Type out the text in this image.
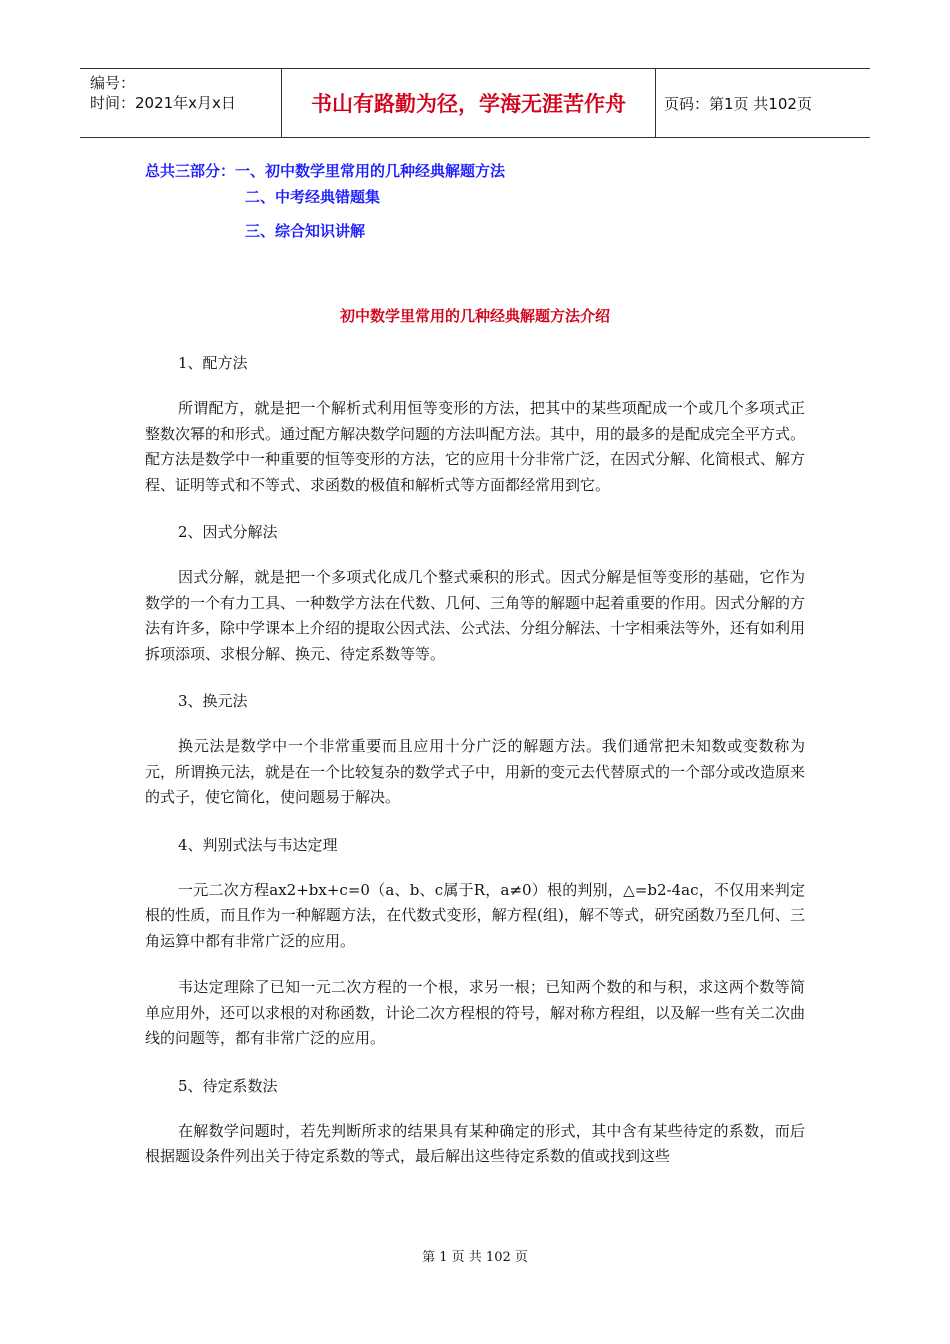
编号：
时间：2021年x月x日	书山有路勤为径，学海无涯苦作舟	页码：第1页 共102页
总共三部分：一、初中数学里常用的几种经典解题方法
二、中考经典错题集
三、综合知识讲解
初中数学里常用的几种经典解题方法介绍

1、配方法

所谓配方，就是把一个解析式利用恒等变形的方法，把其中的某些项配成一个或几个多项式正整数次幂的和形式。通过配方解决数学问题的方法叫配方法。其中，用的最多的是配成完全平方式。配方法是数学中一种重要的恒等变形的方法，它的应用十分非常广泛，在因式分解、化简根式、解方程、证明等式和不等式、求函数的极值和解析式等方面都经常用到它。

2、因式分解法

因式分解，就是把一个多项式化成几个整式乘积的形式。因式分解是恒等变形的基础，它作为数学的一个有力工具、一种数学方法在代数、几何、三角等的解题中起着重要的作用。因式分解的方法有许多，除中学课本上介绍的提取公因式法、公式法、分组分解法、十字相乘法等外，还有如利用拆项添项、求根分解、换元、待定系数等等。

3、换元法

换元法是数学中一个非常重要而且应用十分广泛的解题方法。我们通常把未知数或变数称为元，所谓换元法，就是在一个比较复杂的数学式子中，用新的变元去代替原式的一个部分或改造原来的式子，使它简化，使问题易于解决。

4、判别式法与韦达定理

一元二次方程ax2+bx+c=0（a、b、c属于R，a≠0）根的判别，△=b2-4ac，不仅用来判定根的性质，而且作为一种解题方法，在代数式变形，解方程(组)，解不等式，研究函数乃至几何、三角运算中都有非常广泛的应用。

韦达定理除了已知一元二次方程的一个根，求另一根；已知两个数的和与积，求这两个数等简单应用外，还可以求根的对称函数，计论二次方程根的符号，解对称方程组，以及解一些有关二次曲线的问题等，都有非常广泛的应用。

5、待定系数法

在解数学问题时，若先判断所求的结果具有某种确定的形式，其中含有某些待定的系数，而后根据题设条件列出关于待定系数的等式，最后解出这些待定系数的值或找到这些

第 1 页 共 102 页
